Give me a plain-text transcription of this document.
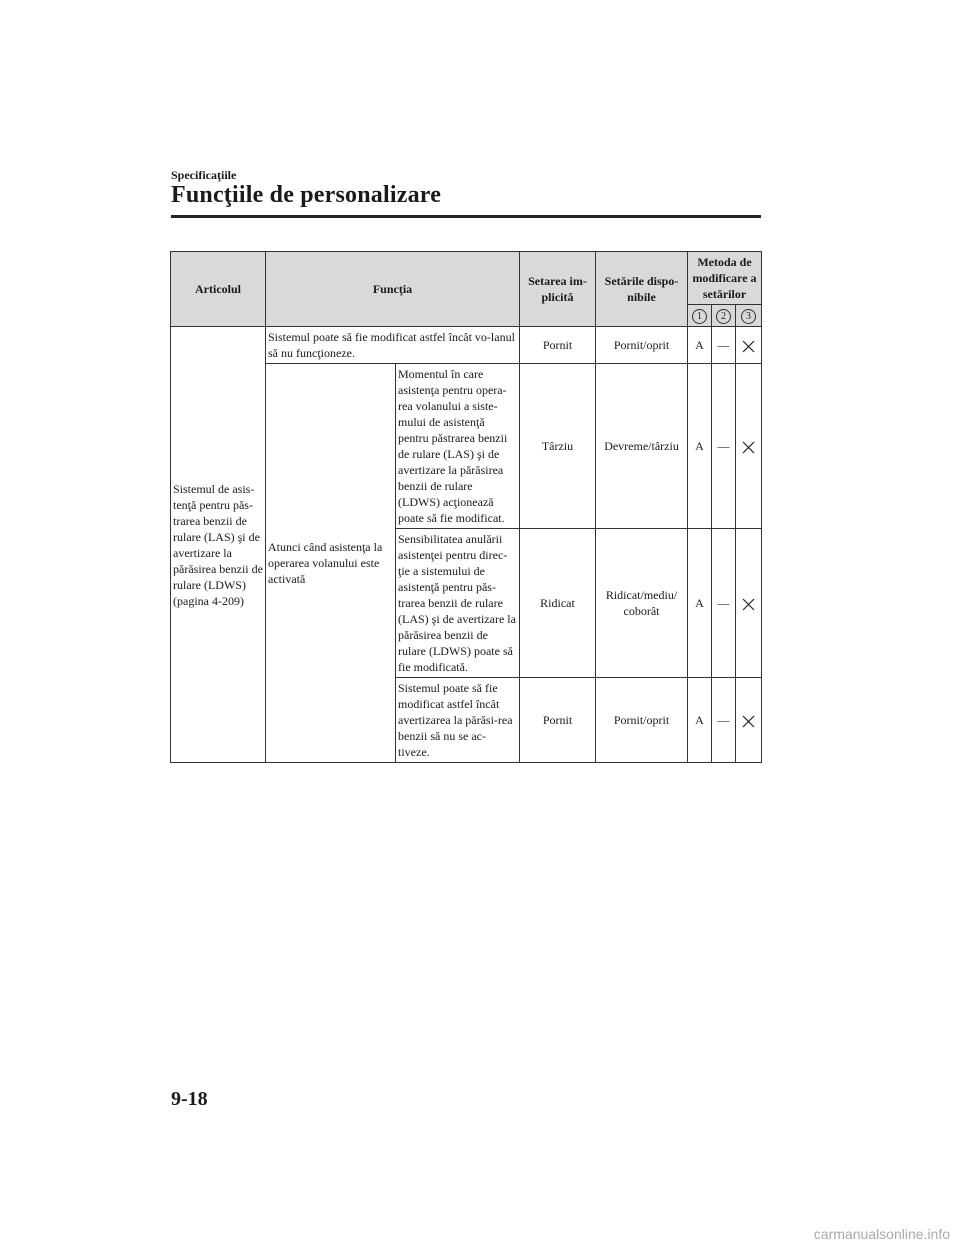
Specificaţiile
Funcţiile de personalizare
Articolul	Funcţia		Setarea im-plicită	Setările dispo-nibile	Metoda de modificare a setărilor		
					1	2	3
Sistemul de asis-tenţă pentru păs-trarea benzii de rulare (LAS) şi de avertizare la părăsirea benzii de rulare (LDWS) (pagina 4-209)	Sistemul poate să fie modificat astfel încât vo-lanul să nu funcţioneze.		Pornit	Pornit/oprit	A	—	
	Atunci când asistenţa la operarea volanului este activată	Momentul în care asistenţa pentru opera-rea volanului a siste-mului de asistenţă pentru păstrarea benzii de rulare (LAS) şi de avertizare la părăsirea benzii de rulare (LDWS) acţionează poate să fie modificat.	Târziu	Devreme/târziu	A	—	
		Sensibilitatea anulării asistenţei pentru direc-ţie a sistemului de asistenţă pentru păs-trarea benzii de rulare (LAS) şi de avertizare la părăsirea benzii de rulare (LDWS) poate să fie modificată.	Ridicat	Ridicat/mediu/ coborât	A	—	
		Sistemul poate să fie modificat astfel încât avertizarea la părăsi-rea benzii să nu se ac-tiveze.	Pornit	Pornit/oprit	A	—	
9-18
carmanualsonline.info
